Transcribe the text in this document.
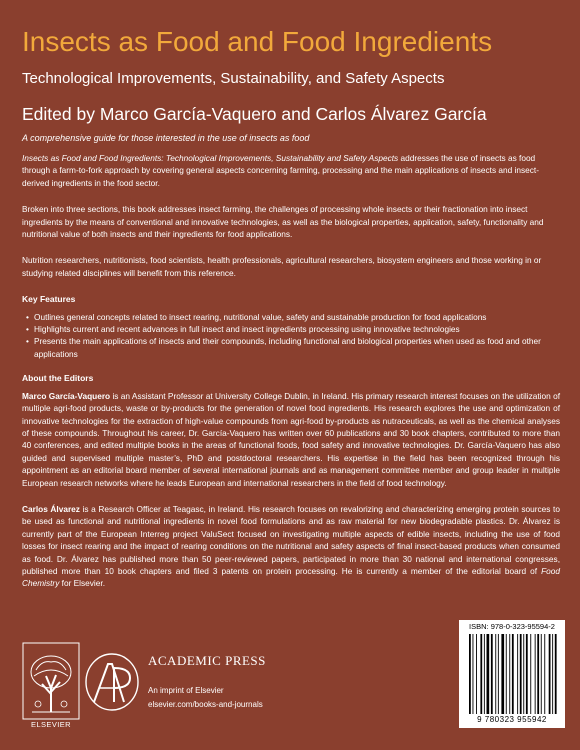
Insects as Food and Food Ingredients
Technological Improvements, Sustainability, and Safety Aspects
Edited by Marco García-Vaquero and Carlos Álvarez García
A comprehensive guide for those interested in the use of insects as food

Insects as Food and Food Ingredients: Technological Improvements, Sustainability and Safety Aspects addresses the use of insects as food through a farm-to-fork approach by covering general aspects concerning farming, processing and the main applications of insects and insect-derived ingredients in the food sector.

Broken into three sections, this book addresses insect farming, the challenges of processing whole insects or their fractionation into insect ingredients by the means of conventional and innovative technologies, as well as the biological properties, application, safety, functionality and nutritional value of both insects and their ingredients for food applications.

Nutrition researchers, nutritionists, food scientists, health professionals, agricultural researchers, biosystem engineers and those working in or studying related disciplines will benefit from this reference.

Key Features
• Outlines general concepts related to insect rearing, nutritional value, safety and sustainable production for food applications
• Highlights current and recent advances in full insect and insect ingredients processing using innovative technologies
• Presents the main applications of insects and their compounds, including functional and biological properties when used as food and other applications
About the Editors

Marco García-Vaquero is an Assistant Professor at University College Dublin, in Ireland. His primary research interest focuses on the utilization of multiple agri-food products, waste or by-products for the generation of novel food ingredients. His research explores the use and optimization of innovative technologies for the extraction of high-value compounds from agri-food by-products as nutraceuticals, as well as the chemical analyses of these compounds. Throughout his career, Dr. García-Vaquero has written over 60 publications and 30 book chapters, contributed to more than 40 conferences, and edited multiple books in the areas of functional foods, food safety and innovative technologies. Dr. García-Vaquero has also guided and supervised multiple master’s, PhD and postdoctoral researchers. His expertise in the field has been recognized through his appointment as an editorial board member of several international journals and as management committee member and group leader in multiple European research networks where he leads European and international researchers in the field of food technology.

Carlos Álvarez is a Research Officer at Teagasc, in Ireland. His research focuses on revalorizing and characterizing emerging protein sources to be used as functional and nutritional ingredients in novel food formulations and as raw material for new biodegradable plastics. Dr. Álvarez is currently part of the European Interreg project ValuSect focused on investigating multiple aspects of edible insects, including the use of food losses for insect rearing and the impact of rearing conditions on the nutritional and safety aspects of final insect-based products when consumed as food. Dr. Álvarez has published more than 50 peer-reviewed papers, participated in more than 30 national and international congresses, published more than 10 book chapters and filed 3 patents on protein processing. He is currently a member of the editorial board of Food Chemistry for Elsevier.

ELSEVIER
ACADEMIC PRESS
An imprint of Elsevier
elsevier.com/books-and-journals
ISBN: 978-0-323-95594-2
9 780323 955942
